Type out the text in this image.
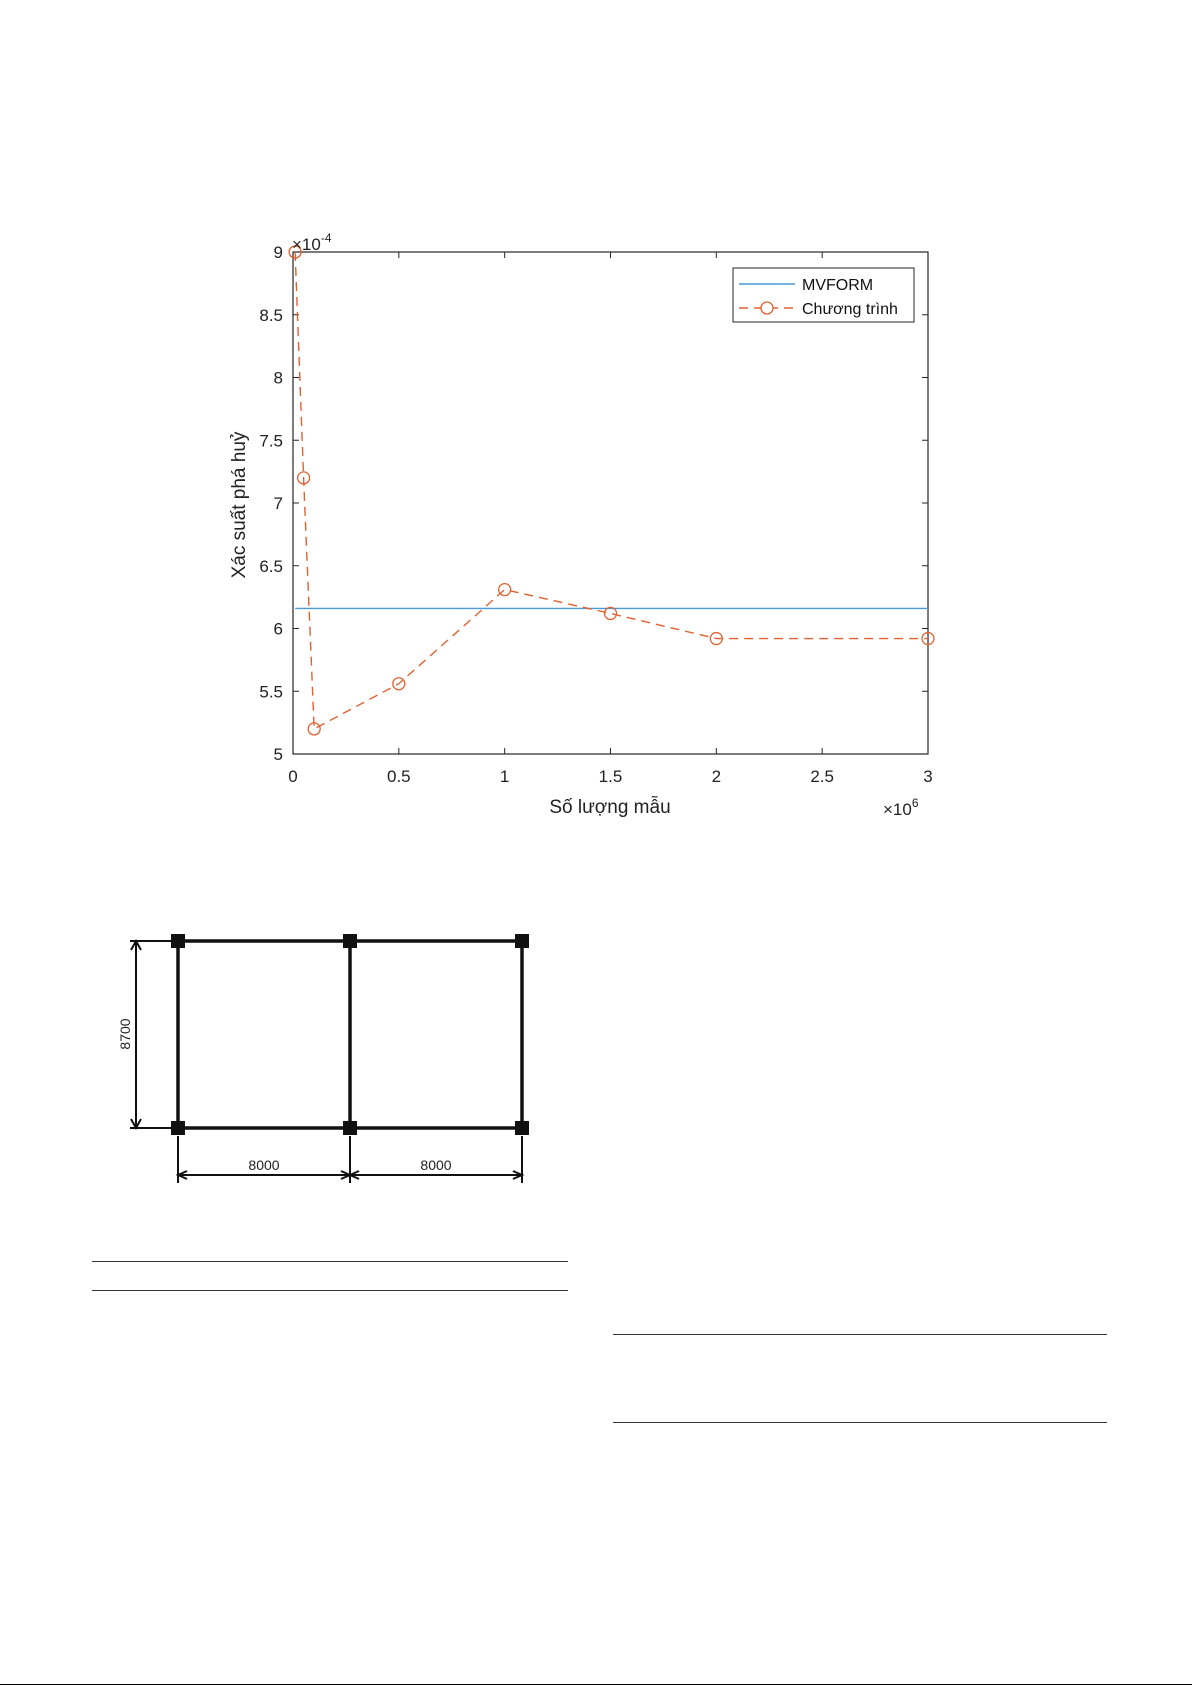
0	0.5	1	1.5	2	2.5	3
5
5.5
6
6.5
7
7.5
8
8.5
9
MVFORM
Chương trình
Số lượng mẫu
Xác suất phá huỷ
$\times 10^6$
$\times 10^{-4}$
8700
8000	8000
